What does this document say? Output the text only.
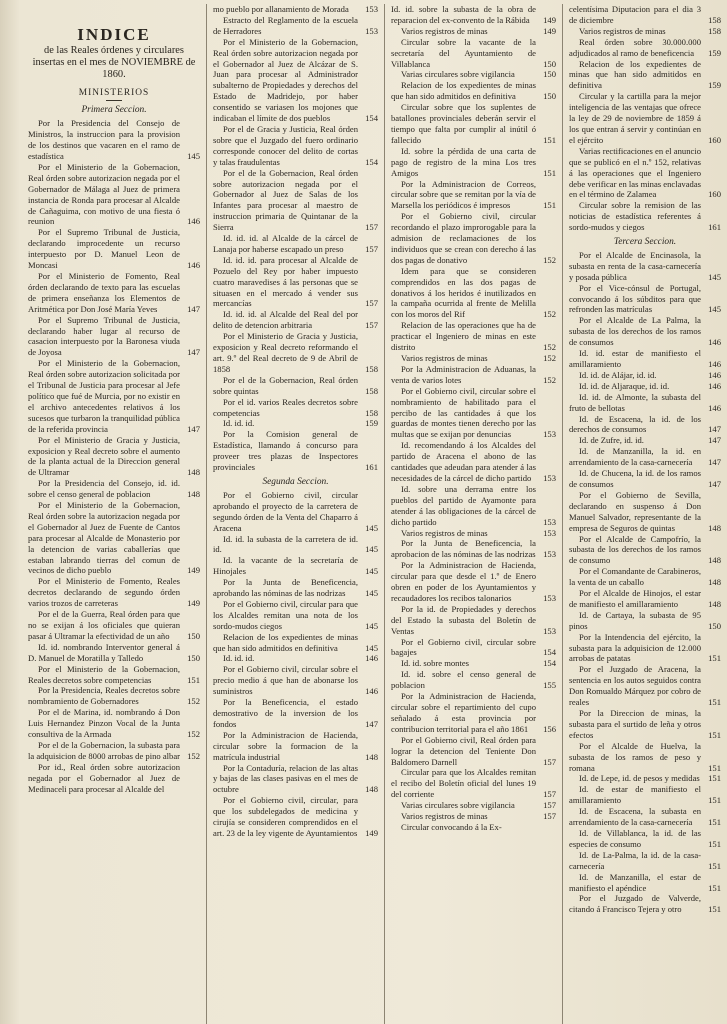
INDICE
de las Reales órdenes y circulares insertas en el mes de NOVIEMBRE de 1860.
MINISTERIOS
Primera Seccion.
Por la Presidencia del Consejo de Ministros, la instruccion para la provision de los destinos que vacaren en el ramo de estadística	145
Por el Ministerio de la Gobernacion, Real órden sobre autorizacion negada por el Gobernador de Málaga al Juez de primera instancia de Ronda para procesar al Alcalde de Cañaguima, con motivo de una fiesta ó reunion	146
Por el Supremo Tribunal de Justicia, declarando improcedente un recurso interpuesto por D. Manuel Leon de Moncasi	146
Por el Ministerio de Fomento, Real órden declarando de texto para las escuelas de primera enseñanza los Elementos de Aritmética por Don José María Yeves	147
Por el Supremo Tribunal de Justicia, declarando haber lugar al recurso de casacion interpuesto por la Baronesa viuda de Joyosa	147
Por el Ministerio de la Gobernacion, Real órden sobre autorizacion solicitada por el Tribunal de Justicia para procesar al Jefe político que fué de Murcia, por no existir en el archivo antecedentes relativos á los sucesos que turbaron la tranquilidad pública de la referida provincia	147
Por el Ministerio de Gracia y Justicia, exposicion y Real decreto sobre el aumento de la planta actual de la Direccion general de Ultramar	148
Por la Presidencia del Consejo, id. id. sobre el censo general de poblacion	148
Por el Ministerio de la Gobernacion, Real órden sobre la autorizacion negada por el Gobernador al Juez de Fuente de Cantos para procesar al Alcalde de Monasterio por la detencion de varias caballerías que estaban labrando tierras del comun de vecinos de dicho pueblo	149
Por el Ministerio de Fomento, Reales decretos declarando de segundo órden varios trozos de carreteras	149
Por el de la Guerra, Real órden para que no se exijan á los oficiales que quieran pasar á Ultramar la efectividad de un año	150
Id. id. nombrando Interventor general á D. Manuel de Moratilla y Talledo	150
Por el Ministerio de la Gobernacion, Reales decretos sobre competencias	151
Por la Presidencia, Reales decretos sobre nombramiento de Gobernadores	152
Por el de Marina, id. nombrando á Don Luis Hernandez Pinzon Vocal de la Junta consultiva de la Armada	152
Por el de la Gobernacion, la subasta para la adquisicion de 8000 arrobas de pino albar 152
Por id., Real órden sobre autorizacion negada por el Gobernador al Juez de Medinaceli para procesar al Alcalde del
mo pueblo por allanamiento de Morada	153
Estracto del Reglamento de la escuela de Herradores	153
Por el Ministerio de la Gobernacion, Real órden sobre autorizacion negada por el Gobernador al Juez de Alcázar de S. Juan para procesar al Administrador subalterno de Propiedades y derechos del Estado de Madridejo, por haber consentido se variasen los mojones que indicaban el límite de dos pueblos	154
Por el de Gracia y Justicia, Real órden sobre que el Juzgado del fuero ordinario corresponde conocer del delito de cortas y talas fraudulentas	154
Por el de la Gobernacion, Real órden sobre autorizacion negada por el Gobernador al Juez de Salas de los Infantes para procesar al maestro de instruccion primaria de Quintanar de la Sierra	157
Id. id. id. al Alcalde de la cárcel de Lanaja por haberse escapado un preso	157
Id. id. id. para procesar al Alcalde de Pozuelo del Rey por haber impuesto cuatro maravedises á las personas que se situasen en el mercado á vender sus mercancías	157
Id. id. id. al Alcalde del Real del por delito de detencion arbitraria	157
Por el Ministerio de Gracia y Justicia, exposicion y Real decreto reformando el art. 9.º del Real decreto de 9 de Abril de 1858	158
Por el de la Gobernacion, Real órden sobre quintas	158
Por el id. varios Reales decretos sobre competencias	158
Id. id. id.	159
Por la Comision general de Estadística, llamando á concurso para proveer tres plazas de Inspectores provinciales	161
Segunda Seccion.
Por el Gobierno civil, circular aprobando el proyecto de la carretera de segundo órden de la Venta del Chaparro á Aracena	145
Id. id. la subasta de la carretera de id. id.	145
Id. la vacante de la secretaría de Hinojales	145
Por la Junta de Beneficencia, aprobando las nóminas de las nodrizas	145
Por el Gobierno civil, circular para que los Alcaldes remitan una nota de los sordo-mudos ciegos	145
Relacion de los expedientes de minas que han sido admitidos en definitiva	145
Id. id. id.	146
Por el Gobierno civil, circular sobre el precio medio á que han de abonarse los suministros	146
Por la Beneficencia, el estado demostrativo de la inversion de los fondos	147
Por la Administracion de Hacienda, circular sobre la formacion de la matrícula industrial	148
Por la Contaduría, relacion de las altas y bajas de las clases pasivas en el mes de octubre	148
Por el Gobierno civil, circular, para que los subdelegados de medicina y cirujía se consideren comprendidos en el art. 23 de la ley vigente de Ayuntamientos 149
Id. id. sobre la subasta de la obra de reparacion del ex-convento de la Rábida	149
Varios registros de minas	149
Circular sobre la vacante de la secretaría del Ayuntamiento de Villablanca	150
Varias circulares sobre vigilancia	150
Relacion de los expedientes de minas que han sido admitidos en definitiva	150
Circular sobre que los suplentes de batallones provinciales deberán servir el tiempo que falta por cumplir al inútil ó fallecido	151
Id. sobre la pérdida de una carta de pago de registro de la mina Los tres Amigos	151
Por la Administracion de Correos, circular sobre que se remitan por la vía de Marsella los periódicos é impresos	151
Por el Gobierno civil, circular recordando el plazo improrogable para la admision de reclamaciones de los individuos que se crean con derecho á las dos pagas de donativo	152
Idem para que se consideren comprendidos en las dos pagas de donativos á los heridos é inutilizados en la campaña ocurrida al frente de Melilla con los moros del Rif	152
Relacion de las operaciones que ha de practicar el Ingeniero de minas en este distrito	152
Varios registros de minas	152
Por la Administracion de Aduanas, la venta de varios lotes	152
Por el Gobierno civil, circular sobre el nombramiento de habilitado para el percibo de las cantidades á que los guardas de montes tienen derecho por las multas que se exijan por denuncias	153
Id. recomendando á los Alcaldes del partido de Aracena el abono de las cantidades que adeudan para atender á las necesidades de la cárcel de dicho partido	153
Id. sobre una derrama entre los pueblos del partido de Ayamonte para atender á las obligaciones de la cárcel de dicho partido	153
Varios registros de minas	153
Por la Junta de Beneficencia, la aprobacion de las nóminas de las nodrizas 153
Por la Administracion de Hacienda, circular para que desde el 1.º de Enero obren en poder de los Ayuntamientos y recaudadores los recibos talonarios	153
Por la id. de Propiedades y derechos del Estado la subasta del Boletín de Ventas	153
Por el Gobierno civil, circular sobre bagajes	154
Id. id. sobre montes	154
Id. id. sobre el censo general de poblacion	155
Por la Administracion de Hacienda, circular sobre el repartimiento del cupo señalado á esta provincia por contribucion territorial para el año 1861	156
Por el Gobierno civil, Real órden para lograr la detencion del Teniente Don Baldomero Darnell	157
Circular para que los Alcaldes remitan el recibo del Boletín oficial del lunes 19 del corriente	157
Varias circulares sobre vigilancia	157
Varios registros de minas	157
Circular convocando á la Ex-
celentísima Diputacion para el dia 3 de diciembre	158
Varios registros de minas	158
Real órden sobre 30.000.000 adjudicados al ramo de beneficencia	159
Relacion de los expedientes de minas que han sido admitidos en definitiva	159
Circular y la cartilla para la mejor inteligencia de las ventajas que ofrece la ley de 29 de noviembre de 1859 á los que entran á servir y continúan en el ejército	160
Varias rectificaciones en el anuncio que se publicó en el n.º 152, relativas á las operaciones que el Ingeniero debe verificar en las minas enclavadas en el término de Zalamea	160
Circular sobre la remision de las noticias de estadística referentes á sordo-mudos y ciegos	161
Tercera Seccion.
Por el Alcalde de Encinasola, la subasta en renta de la casa-carnecería y posada pública	145
Por el Vice-cónsul de Portugal, convocando á los súbditos para que refronden las matrículas	145
Por el Alcalde de La Palma, la subasta de los derechos de los ramos de consumos	146
Id. id. estar de manifiesto el amillaramiento	146
Id. id. de Alájar, id. id.	146
Id. id. de Aljaraque, id. id.	146
Id. id. de Almonte, la subasta del fruto de bellotas	146
Id. de Escacena, la id. de los derechos de consumos	147
Id. de Zufre, id. id.	147
Id. de Manzanilla, la id. en arrendamiento de la casa-carnecería	147
Id. de Chucena, la id. de los ramos de consumos	147
Por el Gobierno de Sevilla, declarando en suspenso á Don Manuel Salvador, representante de la empresa de Seguros de quintas	148
Por el Alcalde de Campofrío, la subasta de los derechos de los ramos de consumo	148
Por el Comandante de Carabineros, la venta de un caballo	148
Por el Alcalde de Hinojos, el estar de manifiesto el amillaramiento	148
Id. de Cartaya, la subasta de 95 pinos	150
Por la Intendencia del ejército, la subasta para la adquisicion de 12.000 arrobas de patatas	151
Por el Juzgado de Aracena, la sentencia en los autos seguidos contra Don Romualdo Márquez por cobro de reales	151
Por la Direccion de minas, la subasta para el surtido de leña y otros efectos	151
Por el Alcalde de Huelva, la subasta de los ramos de peso y romana	151
Id. de Lepe, id. de pesos y medidas 151
Id. de estar de manifiesto el amillaramiento	151
Id. de Escacena, la subasta en arrendamiento de la casa-carnecería	151
Id. de Villablanca, la id. de las especies de consumo	151
Id. de La-Palma, la id. de la casa-carnecería	151
Id. de Manzanilla, el estar de manifiesto el apéndice	151
Por el Juzgado de Valverde, citando á Francisco Tejera y otro	151
